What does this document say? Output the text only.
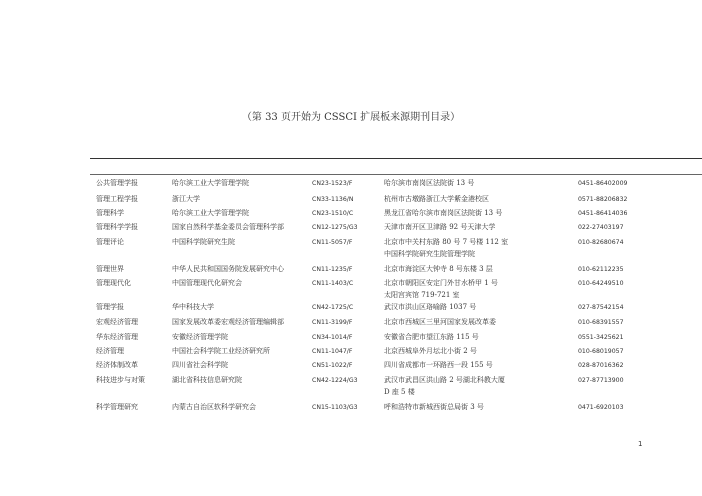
（第 33 页开始为 CSSCI 扩展板来源期刊目录）
公共管理学报	哈尔滨工业大学管理学院	CN23-1523/F	哈尔滨市南岗区法院街 13 号	0451-86402009
管理工程学报	浙江大学	CN33-1136/N	杭州市古墩路浙江大学紫金港校区	0571-88206832
管理科学	哈尔滨工业大学管理学院	CN23-1510/C	黑龙江省哈尔滨市南岗区法院街 13 号	0451-86414036
管理科学学报	国家自然科学基金委员会管理科学部	CN12-1275/G3	天津市南开区卫津路 92 号天津大学	022-27403197
管理评论	中国科学院研究生院	CN11-5057/F	北京市中关村东路 80 号 7 号楼 112 室	010-82680674
中国科学院研究生院管理学院
管理世界	中华人民共和国国务院发展研究中心	CN11-1235/F	北京市海淀区大钟寺 8 号东楼 3 层	010-62112235
管理现代化	中国管理现代化研究会	CN11-1403/C	北京市朝阳区安定门外甘水桥甲 1 号	010-64249510
太阳宫宾馆 719-721 室
管理学报	华中科技大学	CN42-1725/C	武汉市洪山区珞喻路 1037 号	027-87542154
宏观经济管理	国家发展改革委宏观经济管理编辑部	CN11-3199/F	北京市西城区三里河国家发展改革委	010-68391557
华东经济管理	安徽经济管理学院	CN34-1014/F	安徽省合肥市望江东路 115 号	0551-3425621
经济管理	中国社会科学院工业经济研究所	CN11-1047/F	北京西城阜外月坛北小街 2 号	010-68019057
经济体制改革	四川省社会科学院	CN51-1022/F	四川省成都市一环路西一段 155 号	028-87016362
科技进步与对策	湖北省科技信息研究院	CN42-1224/G3	武汉市武昌区洪山路 2 号湖北科教大厦	027-87713900
D 座 5 楼
科学管理研究	内蒙古自治区软科学研究会	CN15-1103/G3	呼和浩特市新城西街总局街 3 号	0471-6920103
1
